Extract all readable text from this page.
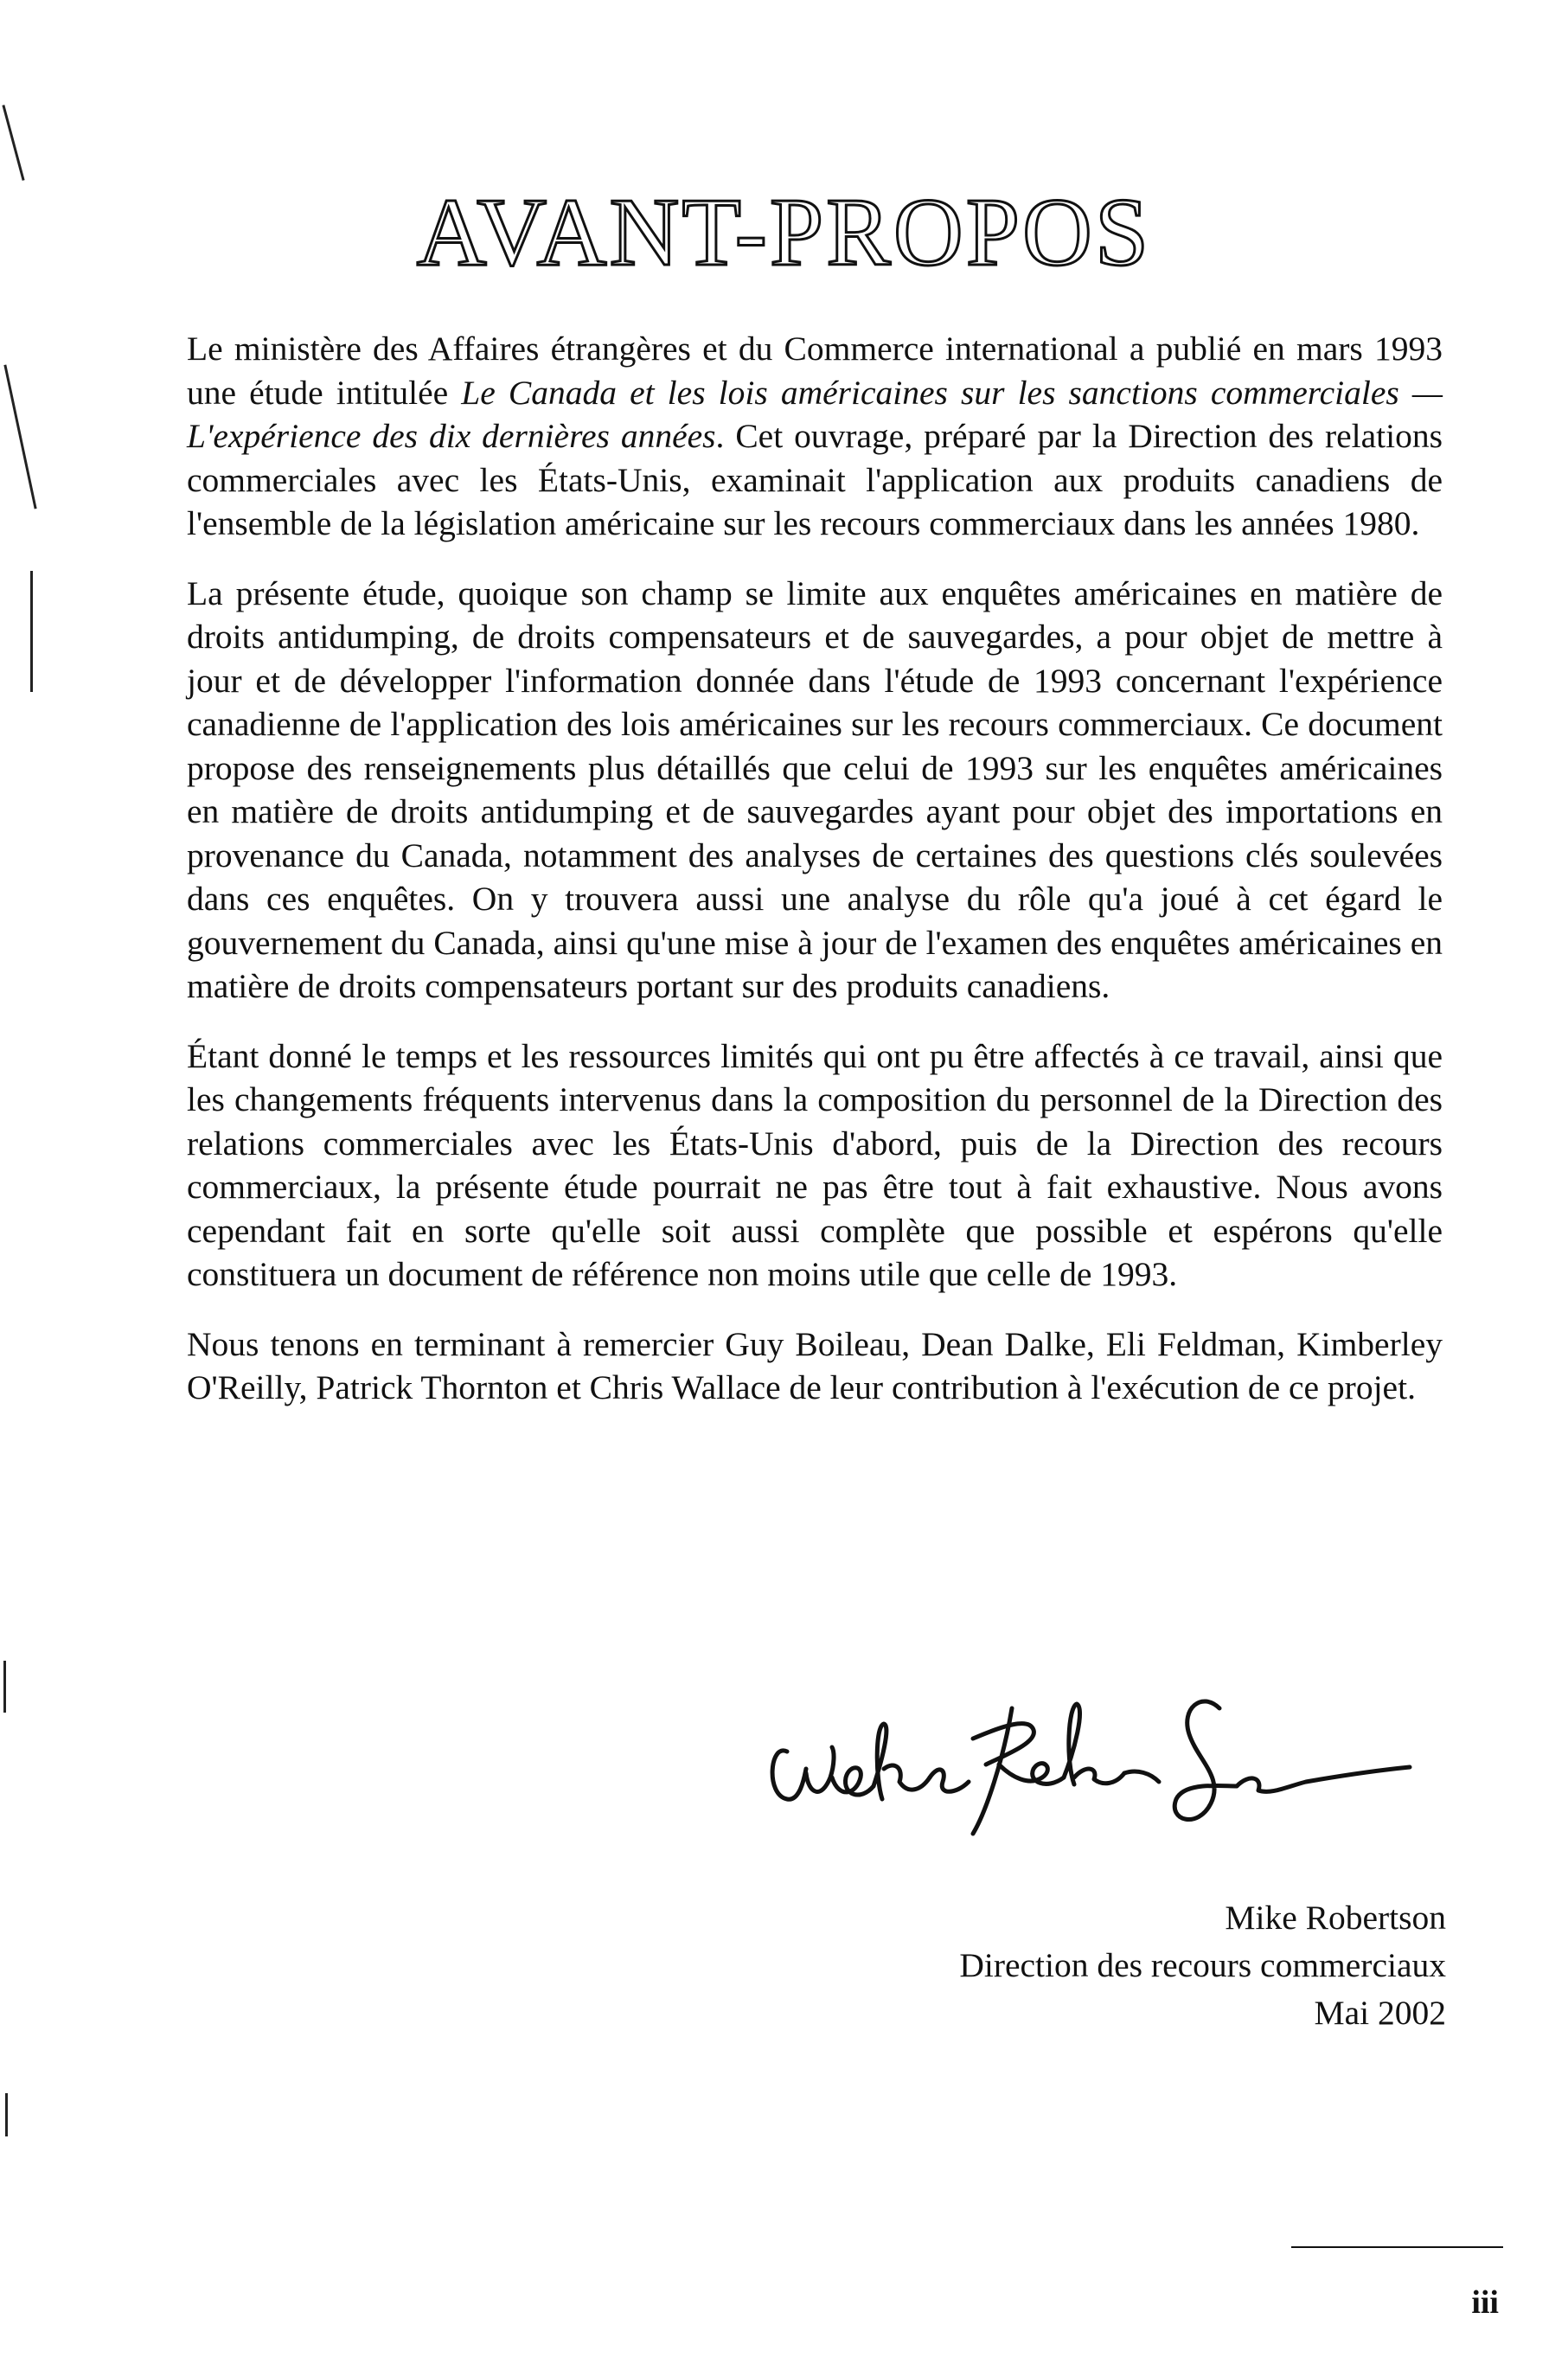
AVANT-PROPOS

Le ministère des Affaires étrangères et du Commerce international a publié en mars 1993 une étude intitulée Le Canada et les lois américaines sur les sanctions commerciales — L'expérience des dix dernières années. Cet ouvrage, préparé par la Direction des relations commerciales avec les États-Unis, examinait l'application aux produits canadiens de l'ensemble de la législation américaine sur les recours commerciaux dans les années 1980.

La présente étude, quoique son champ se limite aux enquêtes américaines en matière de droits antidumping, de droits compensateurs et de sauvegardes, a pour objet de mettre à jour et de développer l'information donnée dans l'étude de 1993 concernant l'expérience canadienne de l'application des lois américaines sur les recours commerciaux. Ce document propose des renseignements plus détaillés que celui de 1993 sur les enquêtes américaines en matière de droits antidumping et de sauvegardes ayant pour objet des importations en provenance du Canada, notamment des analyses de certaines des questions clés soulevées dans ces enquêtes. On y trouvera aussi une analyse du rôle qu'a joué à cet égard le gouvernement du Canada, ainsi qu'une mise à jour de l'examen des enquêtes américaines en matière de droits compensateurs portant sur des produits canadiens.

Étant donné le temps et les ressources limités qui ont pu être affectés à ce travail, ainsi que les changements fréquents intervenus dans la composition du personnel de la Direction des relations commerciales avec les États-Unis d'abord, puis de la Direction des recours commerciaux, la présente étude pourrait ne pas être tout à fait exhaustive. Nous avons cependant fait en sorte qu'elle soit aussi complète que possible et espérons qu'elle constituera un document de référence non moins utile que celle de 1993.

Nous tenons en terminant à remercier Guy Boileau, Dean Dalke, Eli Feldman, Kimberley O'Reilly, Patrick Thornton et Chris Wallace de leur contribution à l'exécution de ce projet.

Mike Robertson
Direction des recours commerciaux
Mai 2002
iii
